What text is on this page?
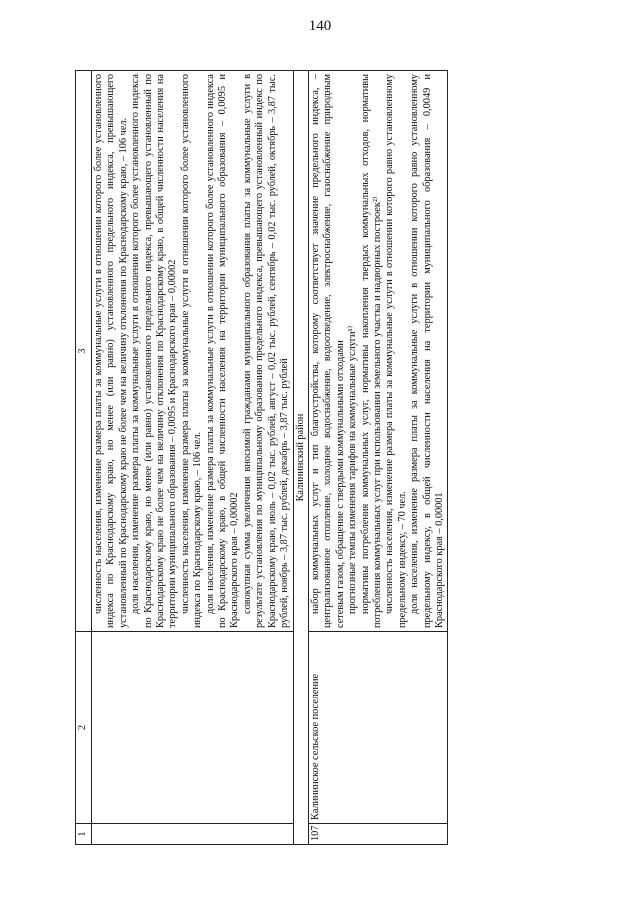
140
1	2	3

		численность населения, изменение размера платы за коммунальные услуги в отношении которого более установленного индекса по Краснодарскому краю, но менее (или равно) установленного предельного индекса, превышающего установленный по Краснодарскому краю не более чем на величину отклонения по Краснодарскому краю, – 106 чел. доля населения, изменение размера платы за коммунальные услуги в отношении которого более установленного индекса по Краснодарскому краю, но менее (или равно) установленного предельного индекса, превышающего установленный по Краснодарскому краю не более чем на величину отклонения по Краснодарскому краю, в общей численности населения на территории муниципального образования – 0,0095 и Краснодарского края – 0,00002 численность населения, изменение размера платы за коммунальные услуги в отношении которого более установленного индекса по Краснодарскому краю, – 106 чел. доля населения, изменение размера платы за коммунальные услуги в отношении которого более установленного индекса по Краснодарскому краю, в общей численности населения на территории муниципального образования – 0,0095 и Краснодарского края – 0,00002 совокупная сумма увеличения вносимой гражданами муниципального образования платы за коммунальные услуги в результате установления по муниципальному образованию предельного индекса, превышающего установленный индекс по Краснодарскому краю, июль – 0,02 тыс. рублей, август – 0,02 тыс. рублей, сентябрь – 0,02 тыс. рублей, октябрь – 3,87 тыс. рублей, ноябрь – 3,87 тыс. рублей, декабрь – 3,87 тыс. рублей

Калининский район		
107	Калининское сельское поселение	набор коммунальных услуг и тип благоустройства, которому соответствует значение предельного индекса, – централизованное отопление, холодное водоснабжение, водоотведение, электроснабжение, газоснабжение природным сетевым газом, обращение с твердыми коммунальными отходами прогнозные темпы изменения тарифов на коммунальные услуги¹⁾ нормативы потребления коммунальных услуг, нормативы накопления твердых коммунальных отходов, нормативы потребления коммунальных услуг при использовании земельного участка и надворных построек²⁾ численность населения, изменение размера платы за коммунальные услуги в отношении которого равно установленному предельному индексу, – 70 чел. доля населения, изменение размера платы за коммунальные услуги в отношении которого равно установленному предельному индексу, в общей численности населения на территории муниципального образования – 0,0049 и Краснодарского края – 0,00001
